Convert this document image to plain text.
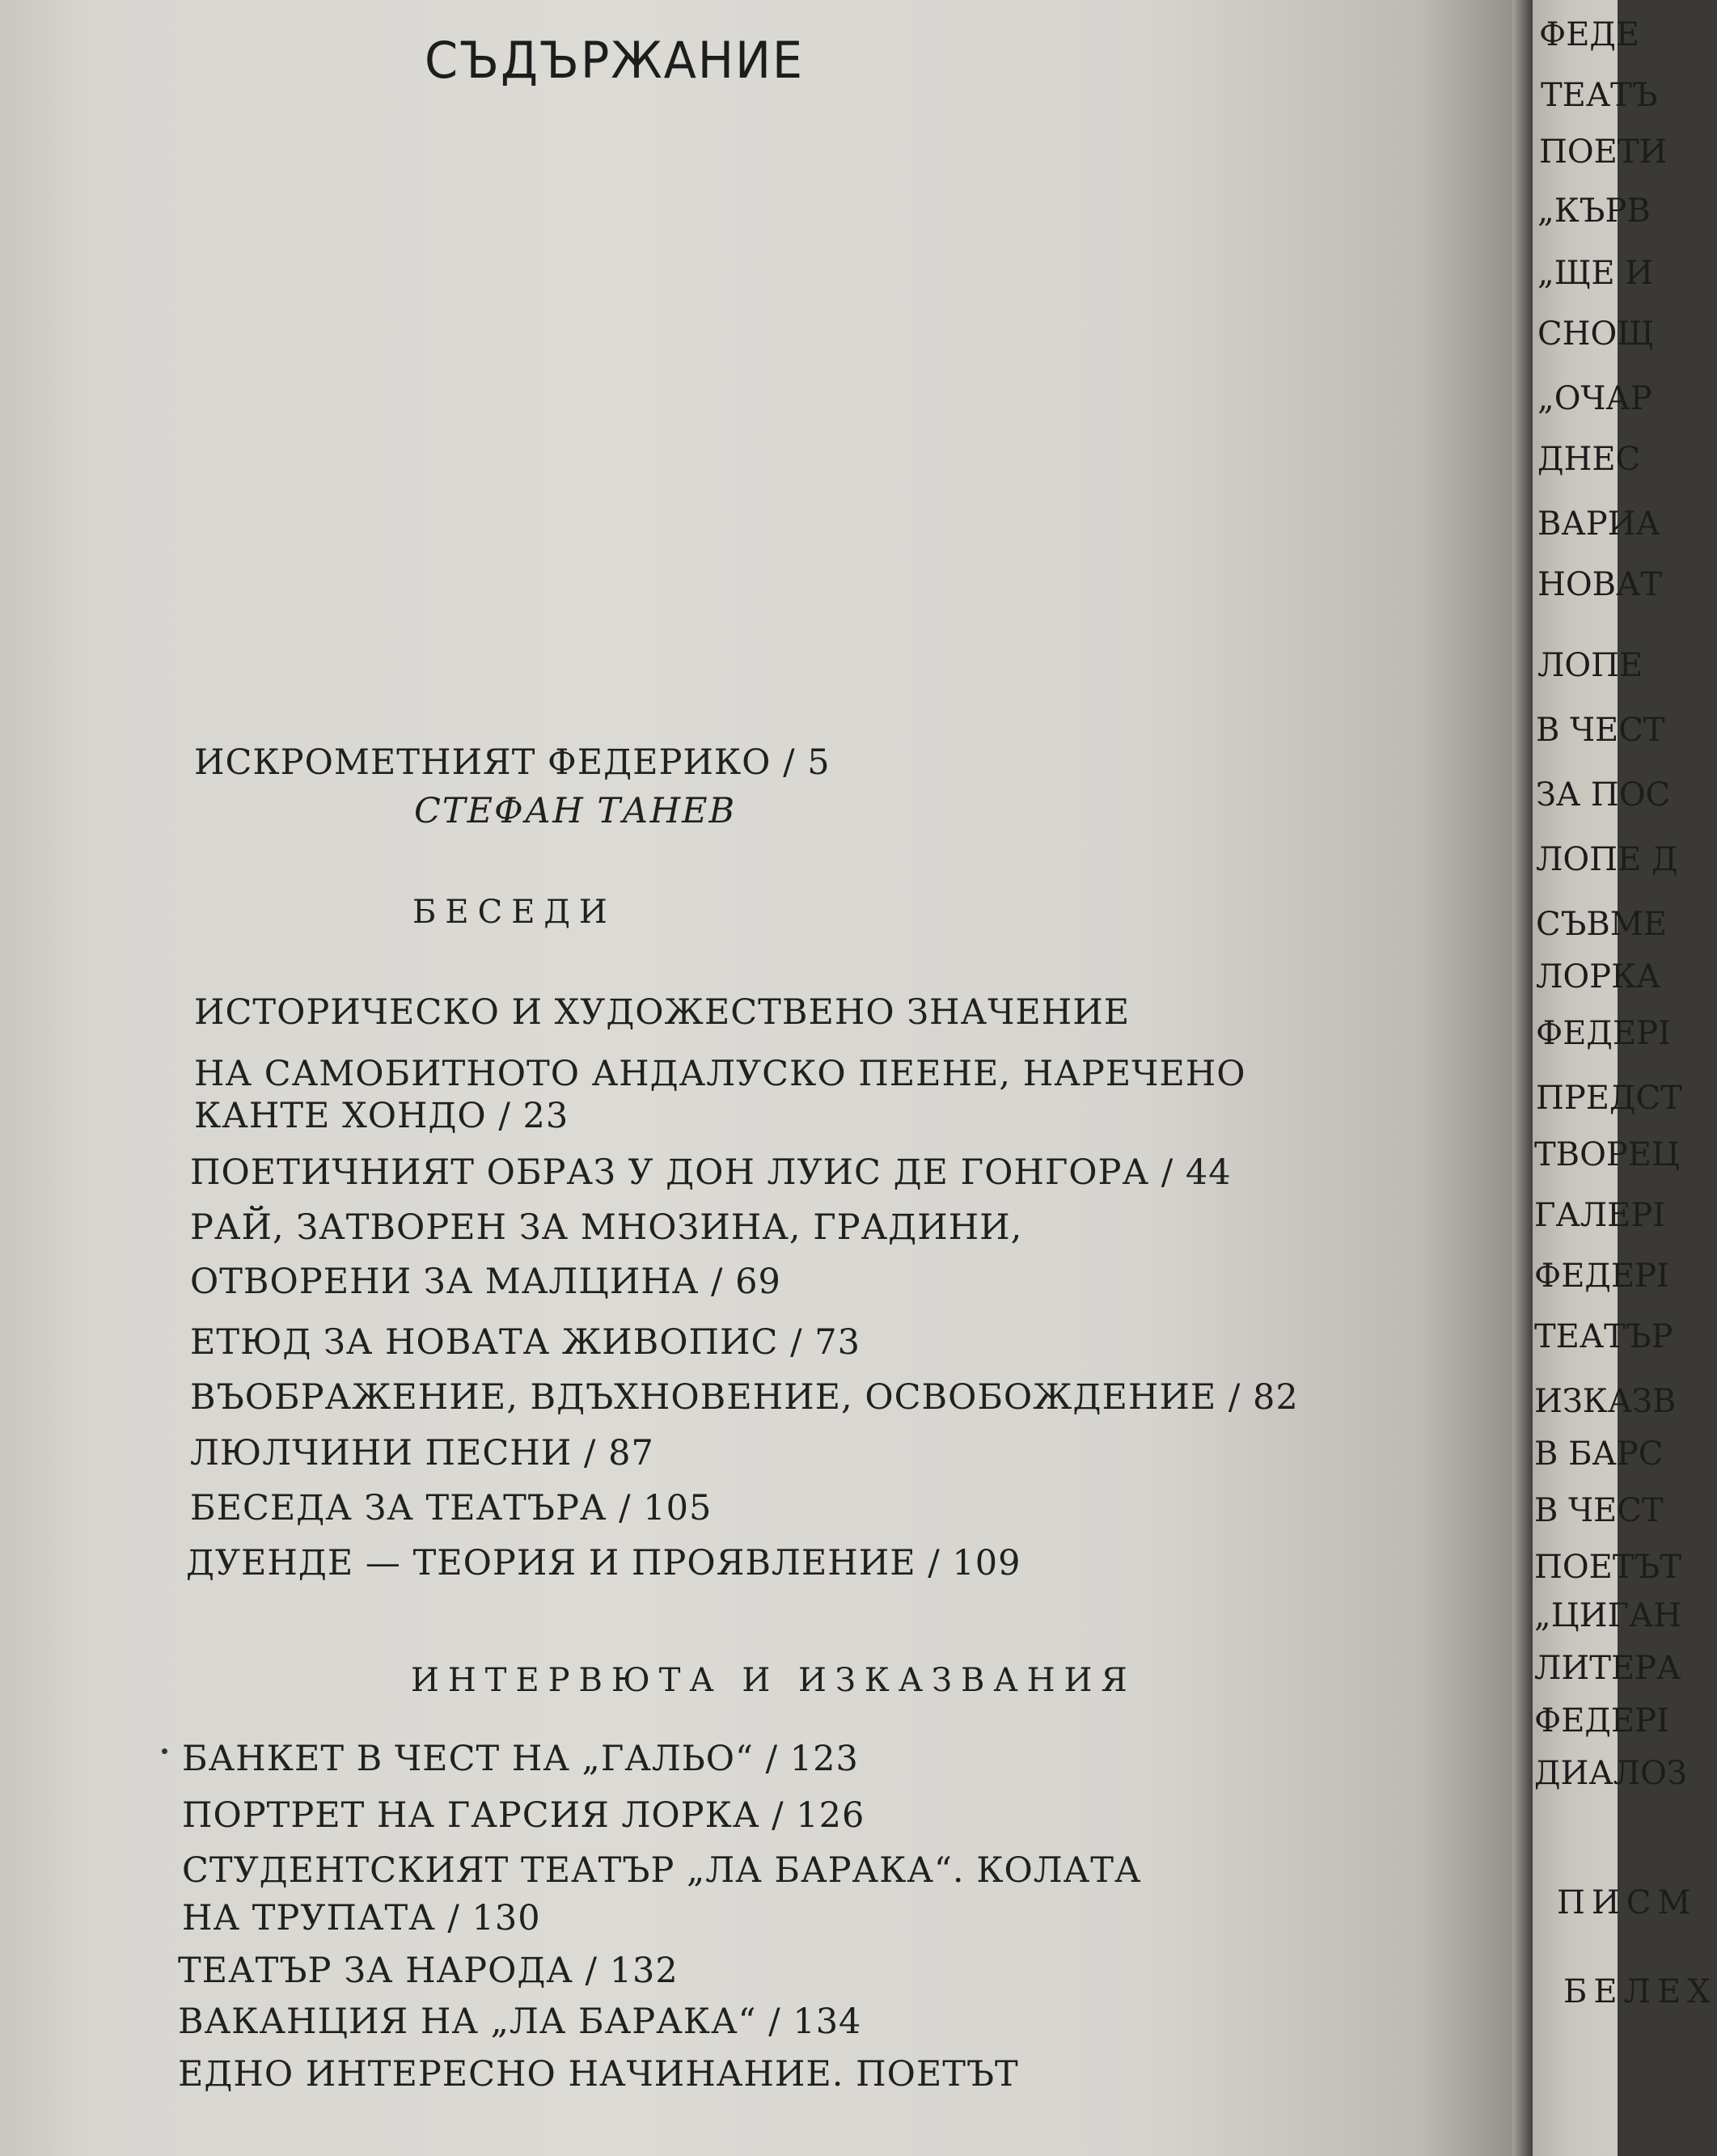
СЪДЪРЖАНИЕ
ИСКРОМЕТНИЯТ ФЕДЕРИКО / 5
СТЕФАН ТАНЕВ
БЕСЕДИ
ИСТОРИЧЕСКО И ХУДОЖЕСТВЕНО ЗНАЧЕНИЕ
НА САМОБИТНОТО АНДАЛУСКО ПЕЕНЕ, НАРЕЧЕНО
КАНТЕ ХОНДО / 23
ПОЕТИЧНИЯТ ОБРАЗ У ДОН ЛУИС ДЕ ГОНГОРА / 44
РАЙ, ЗАТВОРЕН ЗА МНОЗИНА, ГРАДИНИ,
ОТВОРЕНИ ЗА МАЛЦИНА / 69
ЕТЮД ЗА НОВАТА ЖИВОПИС / 73
ВЪОБРАЖЕНИЕ, ВДЪХНОВЕНИЕ, ОСВОБОЖДЕНИЕ / 82
ЛЮЛЧИНИ ПЕСНИ / 87
БЕСЕДА ЗА ТЕАТЪРА / 105
ДУЕНДЕ — ТЕОРИЯ И ПРОЯВЛЕНИЕ / 109
ИНТЕРВЮТА И ИЗКАЗВАНИЯ
БАНКЕТ В ЧЕСТ НА „ГАЛЬО“ / 123
ПОРТРЕТ НА ГАРСИЯ ЛОРКА / 126
СТУДЕНТСКИЯТ ТЕАТЪР „ЛА БАРАКА“. КОЛАТА
НА ТРУПАТА / 130
ТЕАТЪР ЗА НАРОДА / 132
ВАКАНЦИЯ НА „ЛА БАРАКА“ / 134
ЕДНО ИНТЕРЕСНО НАЧИНАНИЕ. ПОЕТЪТ
ФЕДЕ
ТЕАТЪ
ПОЕТИ
„КЪРВ
„ЩЕ И
СНОЩ
„ОЧАР
ДНЕС
ВАРИА
НОВАТ
ЛОПЕ
В ЧЕСТ
ЗА ПОС
ЛОПЕ Д
СЪВМЕ
ЛОРКА
ФЕДЕРІ
ПРЕДСТ
ТВОРЕЦ
ГАЛЕРІ
ФЕДЕРІ
ТЕАТЪР
ИЗКАЗВ
В БАРС
В ЧЕСТ
ПОЕТЪТ
„ЦИГАН
ЛИТЕРА
ФЕДЕРІ
ДИАЛОЗ
ПИСМ
БЕЛЕХ
